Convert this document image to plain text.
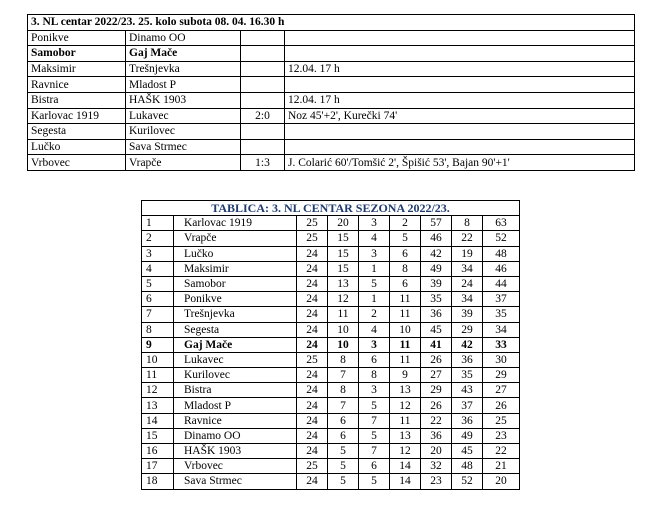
3. NL centar 2022/23. 25. kolo subota 08. 04. 16.30 h			
Ponikve	Dinamo OO		
Samobor	Gaj Mače		
Maksimir	Trešnjevka		12.04. 17 h
Ravnice	Mladost P		
Bistra	HAŠK 1903		12.04. 17 h
Karlovac 1919	Lukavec	2:0	Noz 45'+2', Kurečki 74'
Segesta	Kurilovec		
Lučko	Sava Strmec		
Vrbovec	Vrapče	1:3	J. Colarić 60'/Tomšić 2', Špišić 53', Bajan 90'+1'
TABLICA: 3. NL CENTAR SEZONA 2022/23.								
1	Karlovac 1919	25	20	3	2	57	8	63
2	Vrapče	25	15	4	5	46	22	52
3	Lučko	24	15	3	6	42	19	48
4	Maksimir	24	15	1	8	49	34	46
5	Samobor	24	13	5	6	39	24	44
6	Ponikve	24	12	1	11	35	34	37
7	Trešnjevka	24	11	2	11	36	39	35
8	Segesta	24	10	4	10	45	29	34
9	Gaj Mače	24	10	3	11	41	42	33
10	Lukavec	25	8	6	11	26	36	30
11	Kurilovec	24	7	8	9	27	35	29
12	Bistra	24	8	3	13	29	43	27
13	Mladost P	24	7	5	12	26	37	26
14	Ravnice	24	6	7	11	22	36	25
15	Dinamo OO	24	6	5	13	36	49	23
16	HAŠK 1903	24	5	7	12	20	45	22
17	Vrbovec	25	5	6	14	32	48	21
18	Sava Strmec	24	5	5	14	23	52	20
